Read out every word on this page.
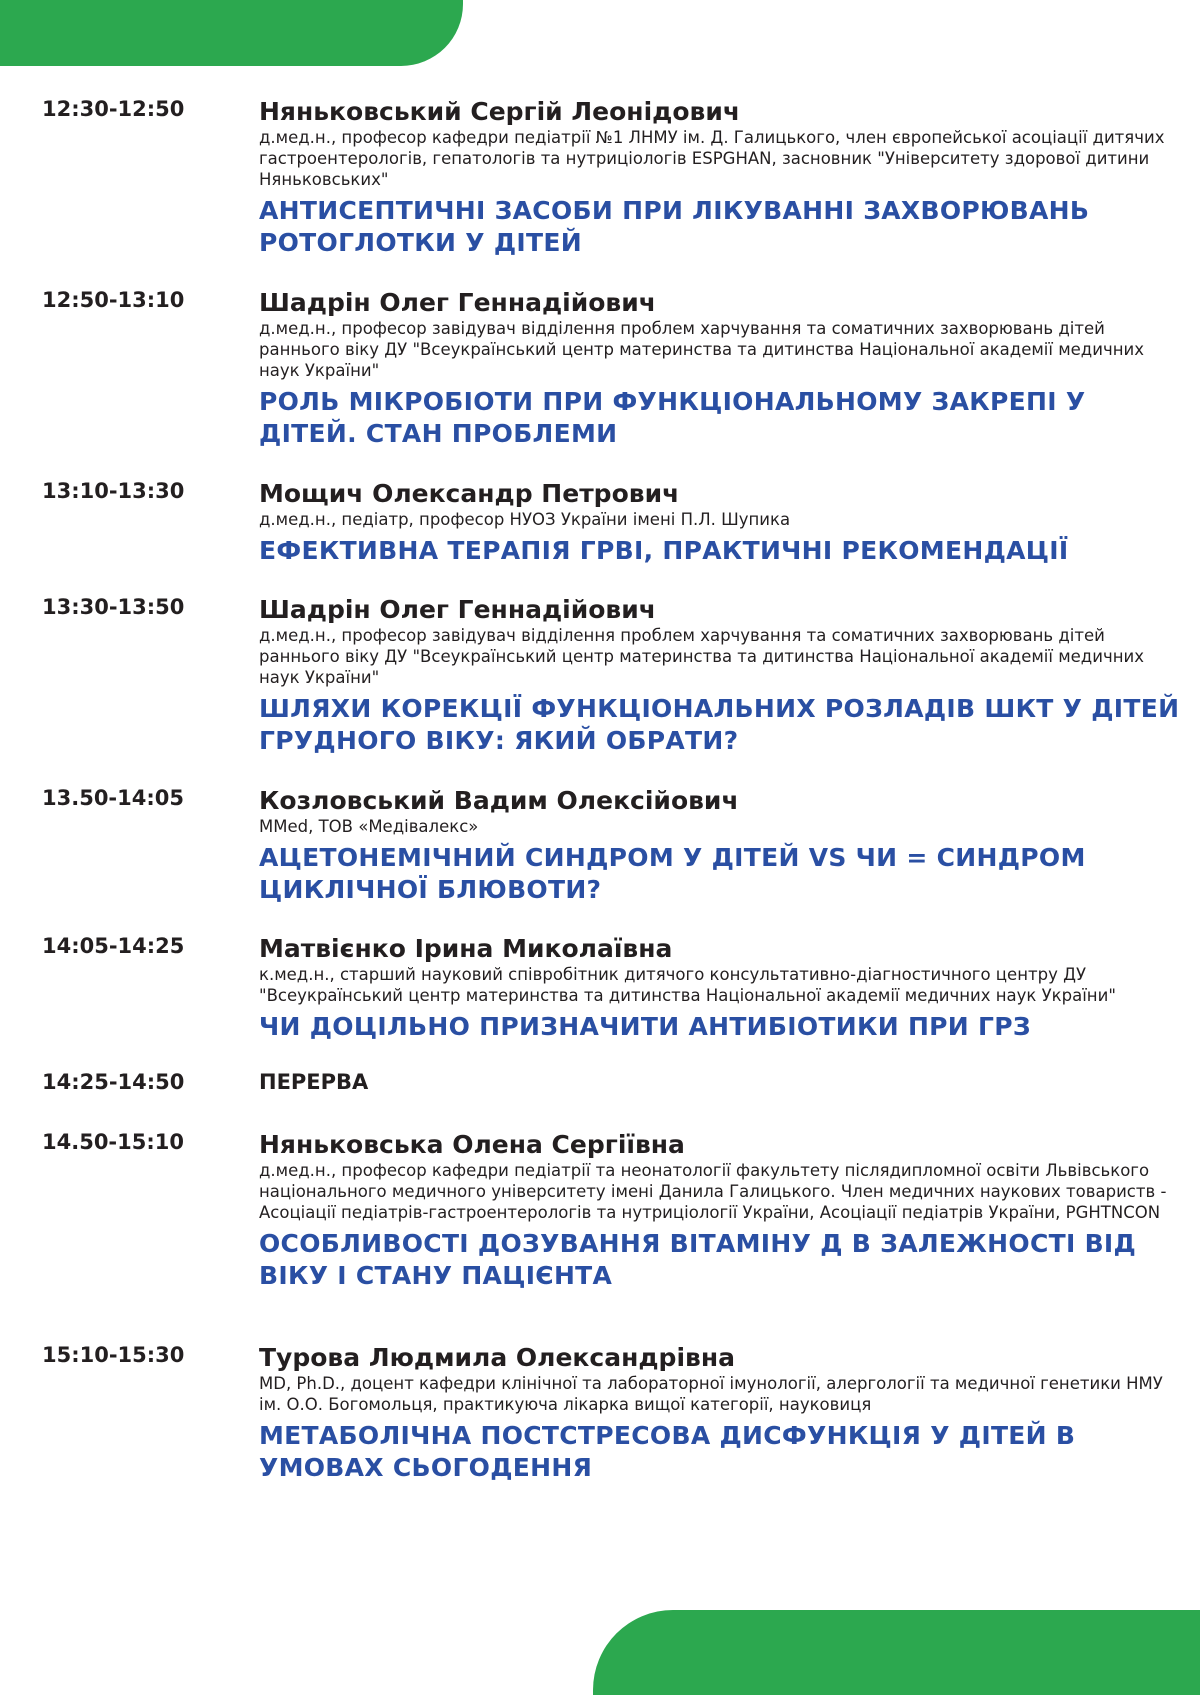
12:30-12:50	Няньковський Сергій Леонідович
д.мед.н., професор кафедри педіатрії №1 ЛНМУ ім. Д. Галицького, член європейської асоціації дитячих гастроентерологів, гепатологів та нутриціологів ESPGHAN, засновник "Університету здорової дитини Няньковських"
АНТИСЕПТИЧНІ ЗАСОБИ ПРИ ЛІКУВАННІ ЗАХВОРЮВАНЬ РОТОГЛОТКИ У ДІТЕЙ
12:50-13:10	Шадрін Олег Геннадійович
д.мед.н., професор завідувач відділення проблем харчування та соматичних захворювань дітей раннього віку ДУ "Всеукраїнський центр материнства та дитинства Національної академії медичних наук України"
РОЛЬ МІКРОБІОТИ ПРИ ФУНКЦІОНАЛЬНОМУ ЗАКРЕПІ У ДІТЕЙ. СТАН ПРОБЛЕМИ
13:10-13:30	Мощич Олександр Петрович
д.мед.н., педіатр, професор НУОЗ України імені П.Л. Шупика
ЕФЕКТИВНА ТЕРАПІЯ ГРВІ, ПРАКТИЧНІ РЕКОМЕНДАЦІЇ
13:30-13:50	Шадрін Олег Геннадійович
д.мед.н., професор завідувач відділення проблем харчування та соматичних захворювань дітей раннього віку ДУ "Всеукраїнський центр материнства та дитинства Національної академії медичних наук України"
ШЛЯХИ КОРЕКЦІЇ ФУНКЦІОНАЛЬНИХ РОЗЛАДІВ ШКТ У ДІТЕЙ ГРУДНОГО ВІКУ: ЯКИЙ ОБРАТИ?
13.50-14:05	Козловський Вадим Олексійович
MMed, ТОВ «Медівалекс»
АЦЕТОНЕМІЧНИЙ СИНДРОМ У ДІТЕЙ VS ЧИ = СИНДРОМ ЦИКЛІЧНОЇ БЛЮВОТИ?
14:05-14:25	Матвієнко Ірина Миколаївна
к.мед.н., старший науковий співробітник дитячого консультативно-діагностичного центру ДУ "Всеукраїнський центр материнства та дитинства Національної академії медичних наук України"
ЧИ ДОЦІЛЬНО ПРИЗНАЧИТИ АНТИБІОТИКИ ПРИ ГРЗ
14:25-14:50	ПЕРЕРВА
14.50-15:10	Няньковська Олена Сергіївна
д.мед.н., професор кафедри педіатрії та неонатології факультету післядипломної освіти Львівського національного медичного університету імені Данила Галицького. Член медичних наукових товариств - Асоціації педіатрів-гастроентерологів та нутриціології України, Асоціації педіатрів України, PGHTNCON
ОСОБЛИВОСТІ ДОЗУВАННЯ ВІТАМІНУ Д В ЗАЛЕЖНОСТІ ВІД ВІКУ І СТАНУ ПАЦІЄНТА
15:10-15:30	Турова Людмила Олександрівна
MD, Ph.D., доцент кафедри клінічної та лабораторної імунології, алергології та медичної генетики НМУ ім. О.О. Богомольця, практикуюча лікарка вищої категорії, науковиця
МЕТАБОЛІЧНА ПОСТСТРЕСОВА ДИСФУНКЦІЯ У ДІТЕЙ В УМОВАХ СЬОГОДЕННЯ
